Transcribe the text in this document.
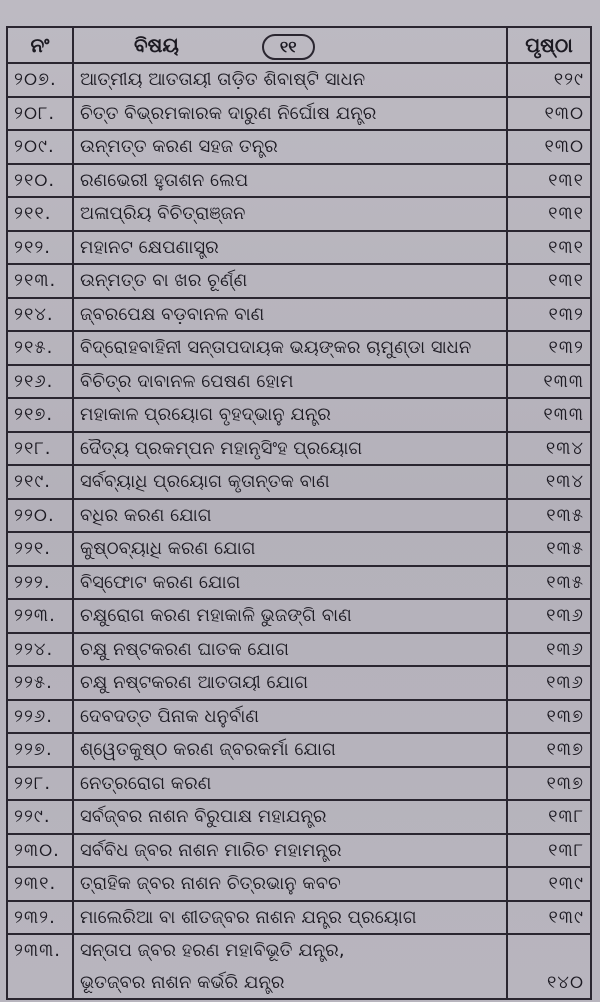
ନଂ	ବିଷୟ ୧୧	ପୃଷ୍ଠା
୨୦୭.	ଆତ୍ମୀୟ ଆତତାୟୀ ତାଡ଼ିତ ଶିବାଷ୍ଟି ସାଧନ	୧୨୯
୨୦୮.	ଚିତ୍ତ ବିଭ୍ରମକାରକ ଦାରୁଣ ନିର୍ଘୋଷ ଯନ୍ତ୍ର	୧୩୦
୨୦୯.	ଉନ୍ମତ୍ତ କରଣ ସହଜ ତନ୍ତ୍ର	୧୩୦
୨୧୦.	ରଣଭେରୀ ହୁତାଶନ ଲେପ	୧୩୧
୨୧୧.	ଅଳାପ୍ରିୟ ବିଚିତ୍ରାଞ୍ଜନ	୧୩୧
୨୧୨.	ମହାନଟ କ୍ଷେପଣାସ୍ତ୍ର	୧୩୧
୨୧୩.	ଉନ୍ମତ୍ତ ବା ଖର ଚୂର୍ଣ୍ଣ	୧୩୧
୨୧୪.	ଜ୍ବରପେକ୍ଷ ବଡ଼ବାନଳ ବାଣ	୧୩୨
୨୧୫.	ବିଦ୍ରୋହବାହିନୀ ସନ୍ତାପଦାୟକ ଭୟଙ୍କର ଚାମୁଣ୍ଡା ସାଧନ	୧୩୨
୨୧୬.	ବିଚିତ୍ର ଦାବାନଳ ପେଷଣ ହୋମ	୧୩୩
୨୧୭.	ମହାକାଳ ପ୍ରୟୋଗ ବୃହଦ୍ଭାନୁ ଯନ୍ତ୍ର	୧୩୩
୨୧୮.	ଦୈତ୍ୟ ପ୍ରକମ୍ପନ ମହାନୃସିଂହ ପ୍ରୟୋଗ	୧୩୪
୨୧୯.	ସର୍ବବ୍ୟାଧି ପ୍ରୟୋଗ କୃତାନ୍ତକ ବାଣ	୧୩୪
୨୨୦.	ବଧିର କରଣ ଯୋଗ	୧୩୫
୨୨୧.	କୁଷ୍ଠବ୍ୟାଧି କରଣ ଯୋଗ	୧୩୫
୨୨୨.	ବିସ୍ଫୋଟ କରଣ ଯୋଗ	୧୩୫
୨୨୩.	ଚକ୍ଷୁରୋଗ କରଣ ମହାକାଳି ଭୁଜଙ୍ଗି ବାଣ	୧୩୬
୨୨୪.	ଚକ୍ଷୁ ନଷ୍ଟକରଣ ଘାତକ ଯୋଗ	୧୩୬
୨୨୫.	ଚକ୍ଷୁ ନଷ୍ଟକରଣ ଆତତାୟୀ ଯୋଗ	୧୩୬
୨୨୬.	ଦେବଦତ୍ତ ପିନାକ ଧନୁର୍ବାଣ	୧୩୭
୨୨୭.	ଶ୍ୱେତକୁଷ୍ଠ କରଣ ଜ୍ବରକର୍ମା ଯୋଗ	୧୩୭
୨୨୮.	ନେତ୍ରରୋଗ କରଣ	୧୩୭
୨୨୯.	ସର୍ବଜ୍ବର ନାଶନ ବିରୁପାକ୍ଷ ମହାଯନ୍ତ୍ର	୧୩୮
୨୩୦.	ସର୍ବବିଧ ଜ୍ବର ନାଶନ ମାରିଚ ମହାମନ୍ତ୍ର	୧୩୮
୨୩୧.	ତ୍ରାହିକ ଜ୍ବର ନାଶନ ଚିତ୍ରଭାନୁ କବଚ	୧୩୯
୨୩୨.	ମାଲେରିଆ ବା ଶୀତଜ୍ବର ନାଶନ ଯନ୍ତ୍ର ପ୍ରୟୋଗ	୧୩୯
୨୩୩.	ସନ୍ତାପ ଜ୍ବର ହରଣ ମହାବିଭୂତି ଯନ୍ତ୍ର,
ଭୂତଜ୍ବର ନାଶନ କର୍ଭରି ଯନ୍ତ୍ର	୧୪୦
